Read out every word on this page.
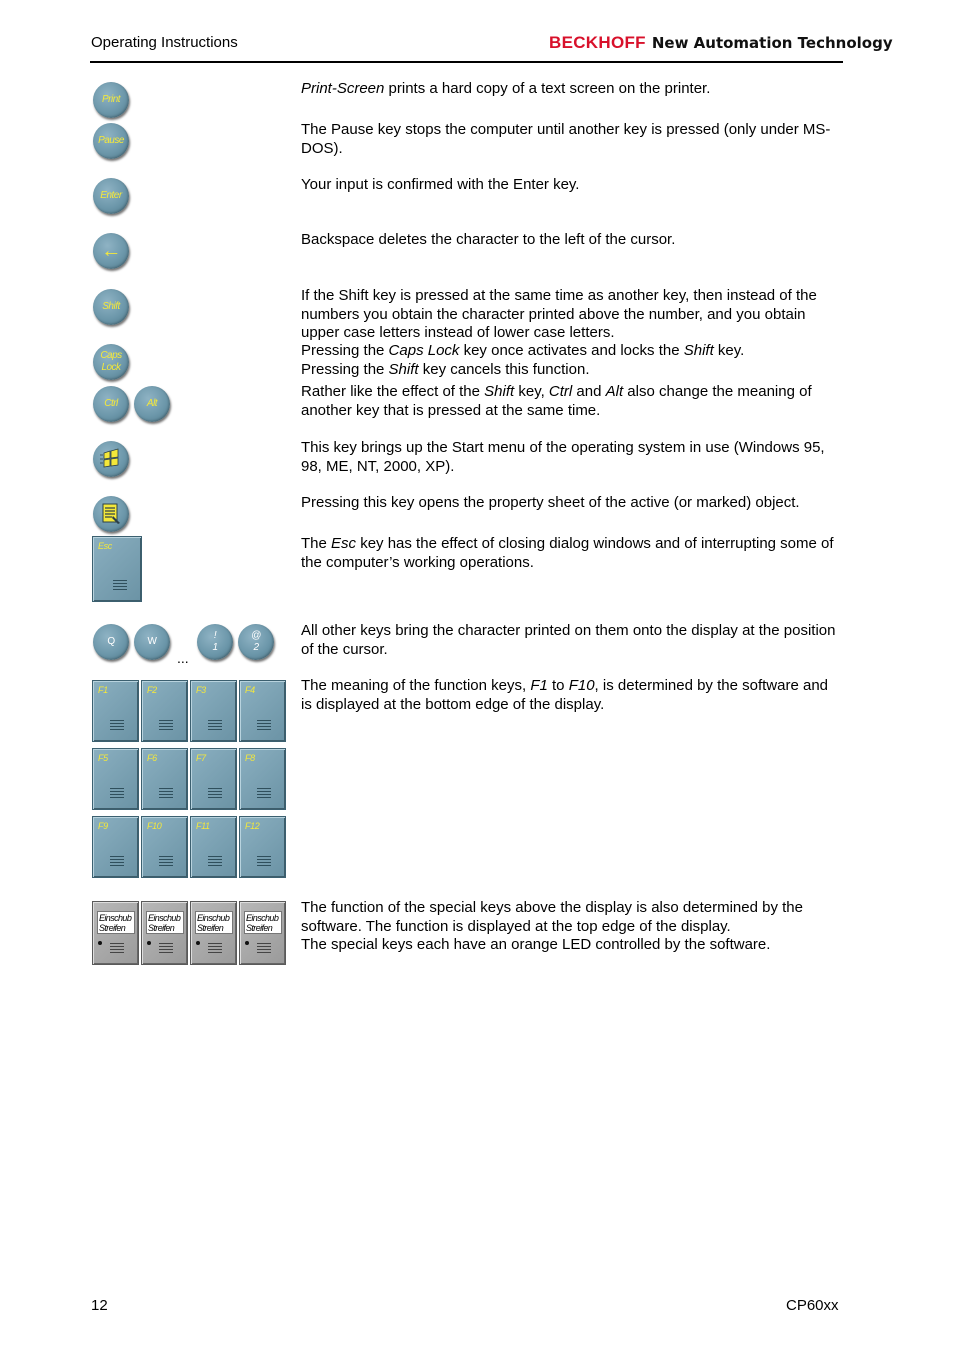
Operating Instructions	BECKHOFF New Automation Technology
Print
Pause
Enter
←
Shift
Caps Lock
Ctrl	Alt
Esc
Q	W
...
!
1
@
2
F1	F2	F3	F4
F5	F6	F7	F8
F9	F10	F11	F12
Einschub
Streifen
Einschub
Streifen
Einschub
Streifen
Einschub
Streifen
Print-Screen prints a hard copy of a text screen on the printer.
The Pause key stops the computer until another key is pressed (only under MS-DOS).
Your input is confirmed with the Enter key.
Backspace deletes the character to the left of the cursor.
If the Shift key is pressed at the same time as another key, then instead of the numbers you obtain the character printed above the number, and you obtain upper case letters instead of lower case letters.
Pressing the Caps Lock key once activates and locks the Shift key.
Pressing the Shift key cancels this function.
Rather like the effect of the Shift key, Ctrl and Alt also change the meaning of another key that is pressed at the same time.
This key brings up the Start menu of the operating system in use (Windows 95, 98, ME, NT, 2000, XP).
Pressing this key opens the property sheet of the active (or marked) object.
The Esc key has the effect of closing dialog windows and of interrupting some of the computer’s working operations.
All other keys bring the character printed on them onto the display at the position of the cursor.
The meaning of the function keys, F1 to F10, is determined by the software and is displayed at the bottom edge of the display.
The function of the special keys above the display is also determined by the software. The function is displayed at the top edge of the display.
The special keys each have an orange LED controlled by the software.
12	CP60xx
